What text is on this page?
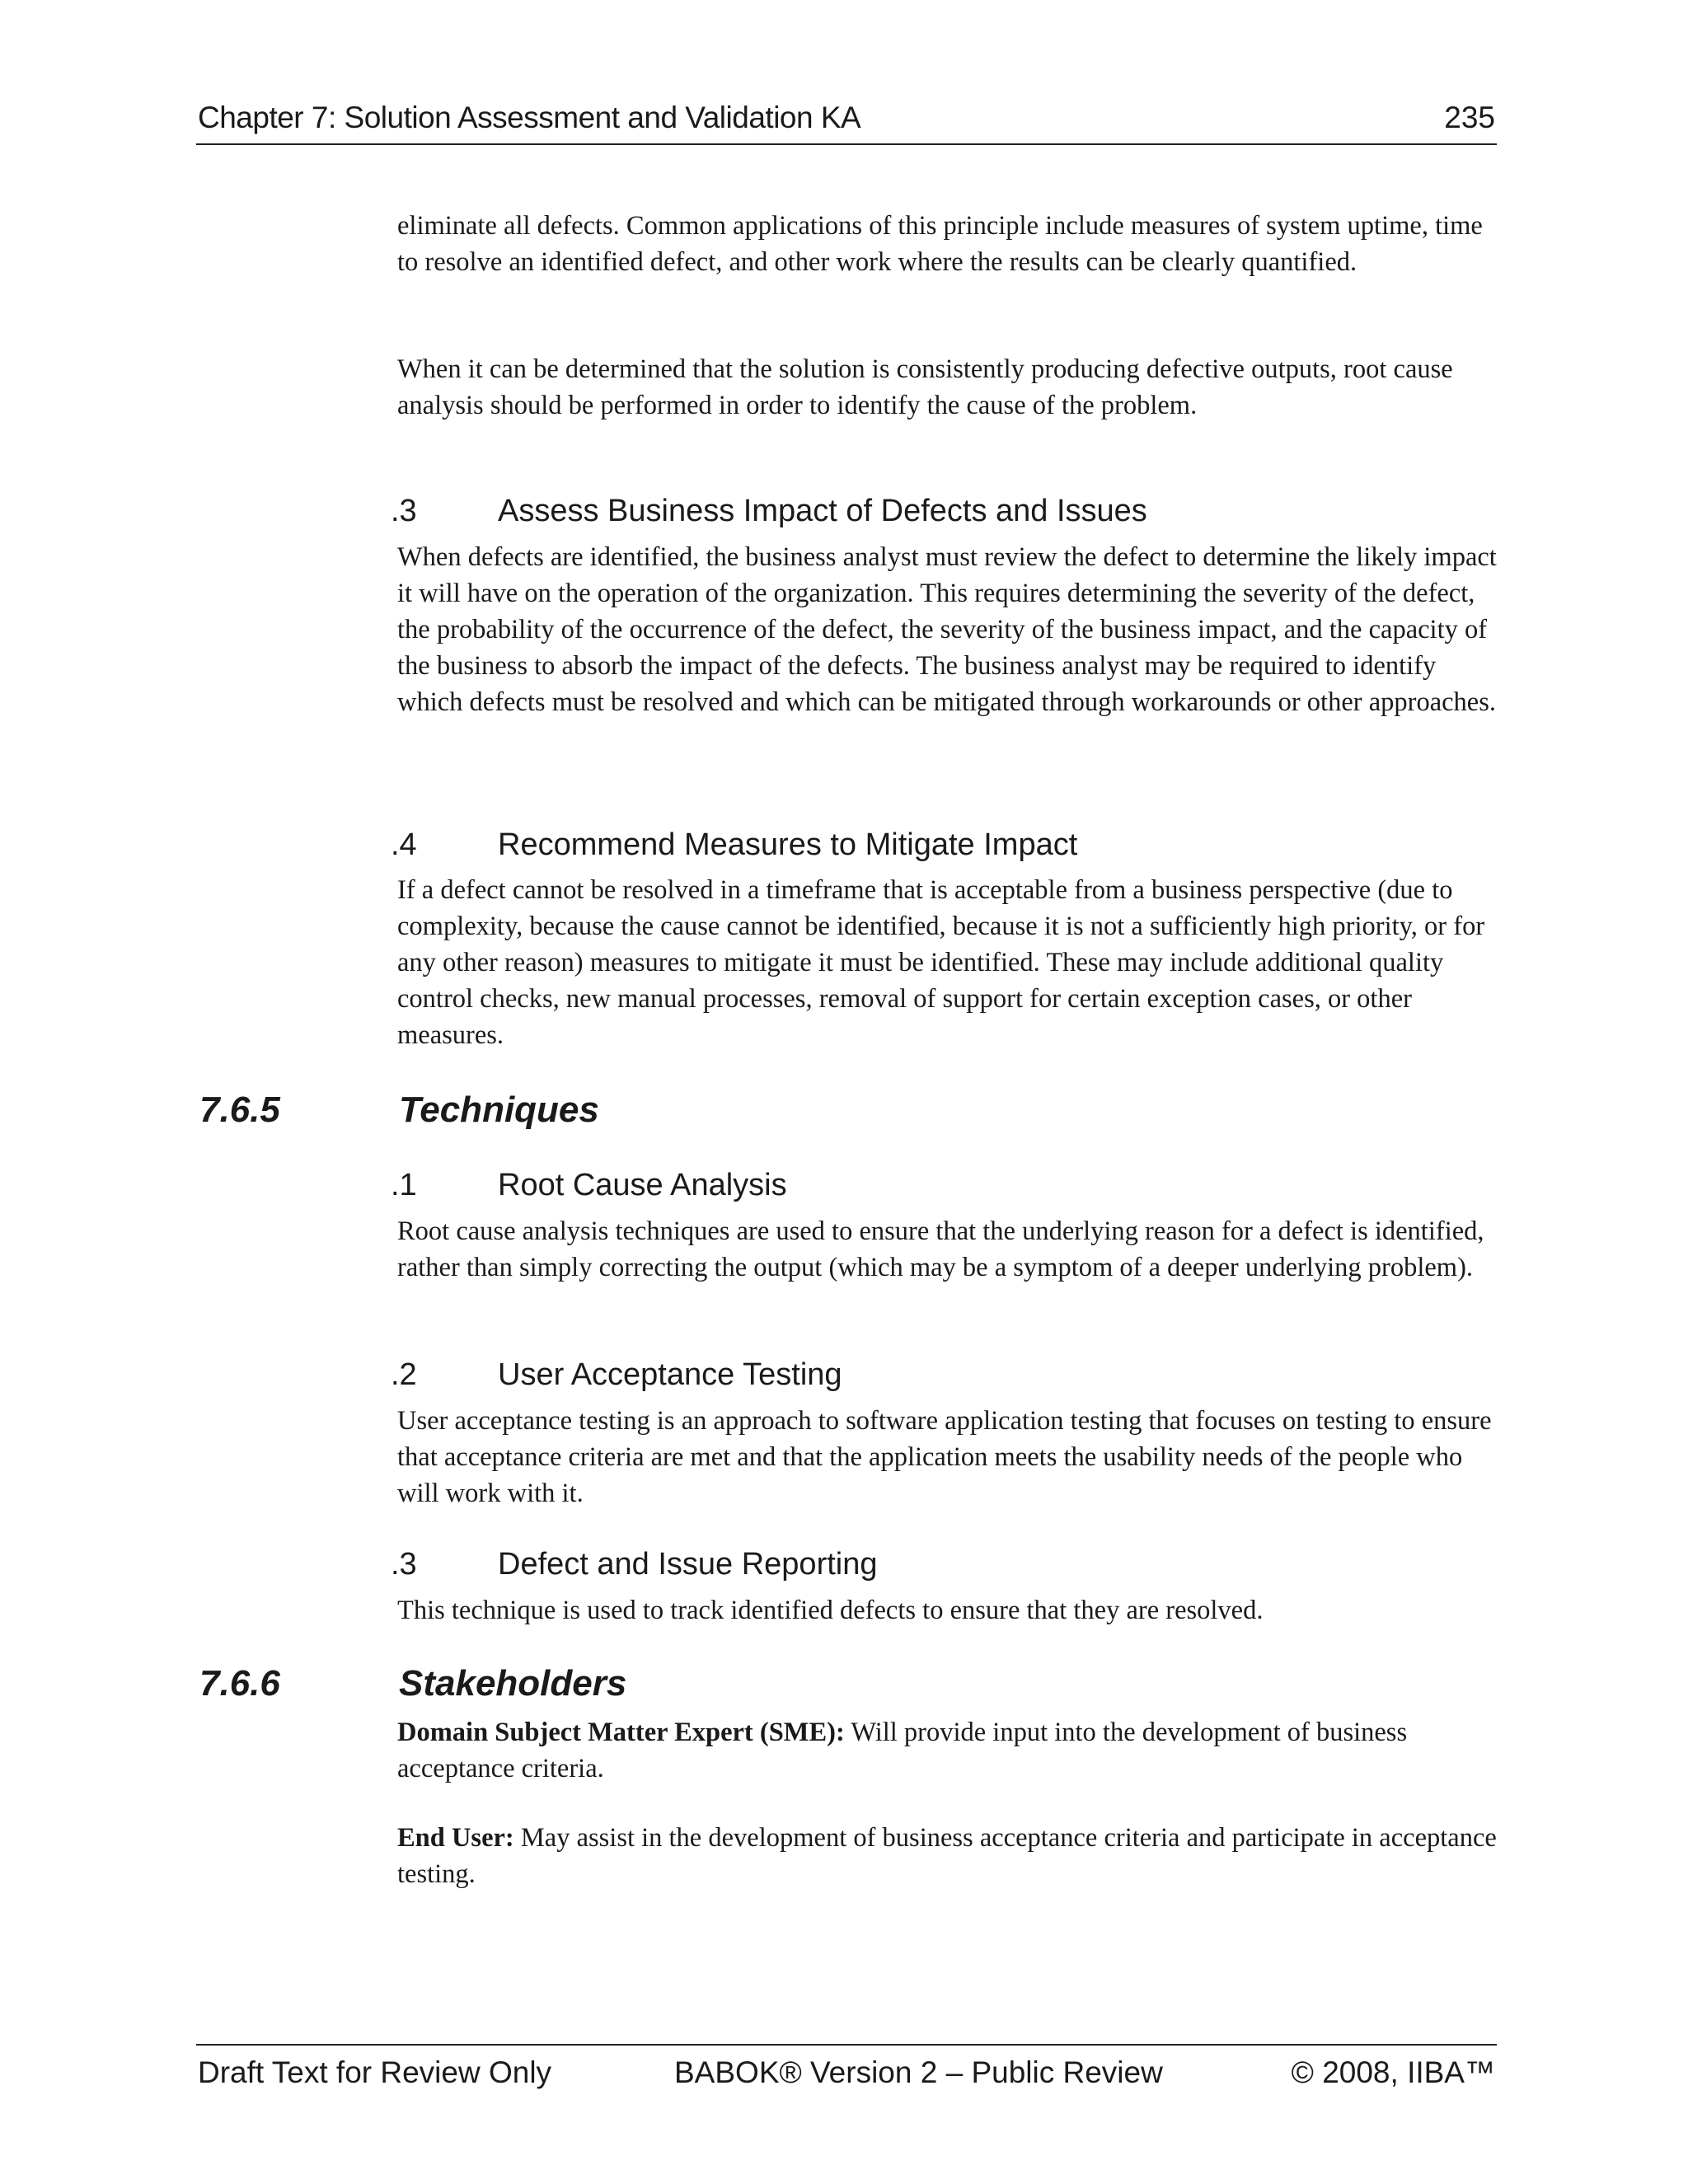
Chapter 7: Solution Assessment and Validation KA	235

eliminate all defects. Common applications of this principle include measures of system uptime, time to resolve an identified defect, and other work where the results can be clearly quantified.

When it can be determined that the solution is consistently producing defective outputs, root cause analysis should be performed in order to identify the cause of the problem.

.3	Assess Business Impact of Defects and Issues

When defects are identified, the business analyst must review the defect to determine the likely impact it will have on the operation of the organization. This requires determining the severity of the defect, the probability of the occurrence of the defect, the severity of the business impact, and the capacity of the business to absorb the impact of the defects. The business analyst may be required to identify which defects must be resolved and which can be mitigated through workarounds or other approaches.

.4	Recommend Measures to Mitigate Impact

If a defect cannot be resolved in a timeframe that is acceptable from a business perspective (due to complexity, because the cause cannot be identified, because it is not a sufficiently high priority, or for any other reason) measures to mitigate it must be identified. These may include additional quality control checks, new manual processes, removal of support for certain exception cases, or other measures.

7.6.5	Techniques
.1	Root Cause Analysis

Root cause analysis techniques are used to ensure that the underlying reason for a defect is identified, rather than simply correcting the output (which may be a symptom of a deeper underlying problem).

.2	User Acceptance Testing

User acceptance testing is an approach to software application testing that focuses on testing to ensure that acceptance criteria are met and that the application meets the usability needs of the people who will work with it.

.3	Defect and Issue Reporting

This technique is used to track identified defects to ensure that they are resolved.

7.6.6	Stakeholders

Domain Subject Matter Expert (SME): Will provide input into the development of business acceptance criteria.

End User: May assist in the development of business acceptance criteria and participate in acceptance testing.

Draft Text for Review Only	BABOK® Version 2 – Public Review	© 2008, IIBA™
